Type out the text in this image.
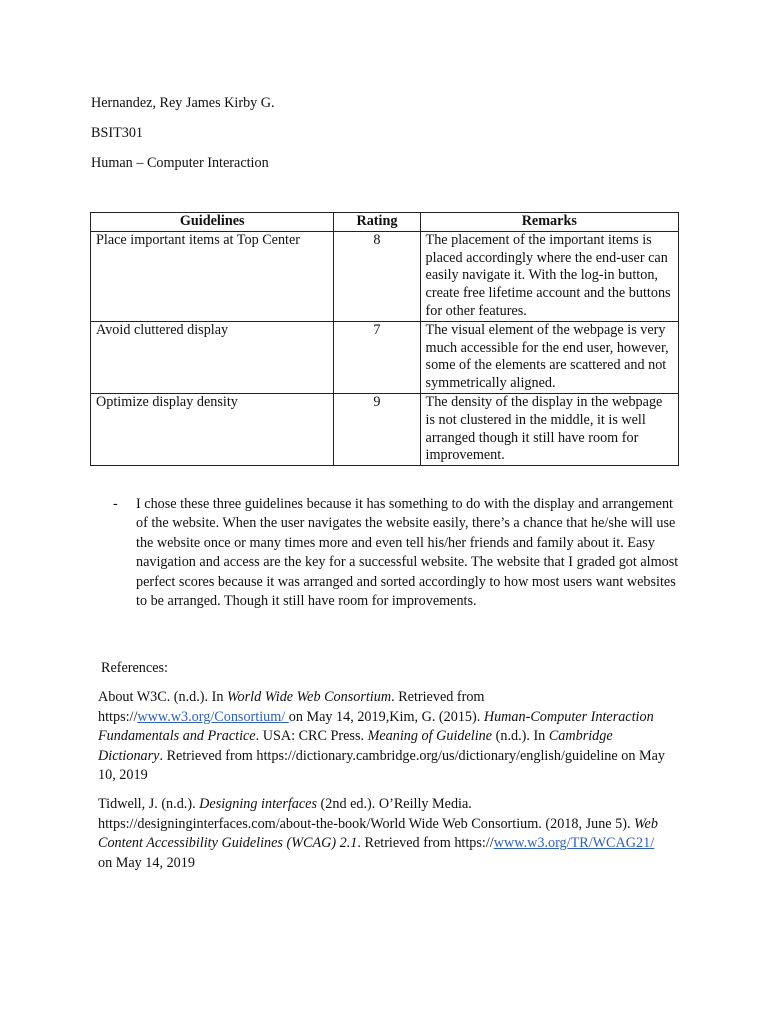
Hernandez, Rey James Kirby G.
BSIT301
Human – Computer Interaction
Guidelines	Rating	Remarks
Place important items at Top Center	8	The placement of the important items is placed accordingly where the end-user can easily navigate it. With the log-in button, create free lifetime account and the buttons for other features.
Avoid cluttered display	7	The visual element of the webpage is very much accessible for the end user, however, some of the elements are scattered and not symmetrically aligned.
Optimize display density	9	The density of the display in the webpage is not clustered in the middle, it is well arranged though it still have room for improvement.
- I chose these three guidelines because it has something to do with the display and arrangement of the website. When the user navigates the website easily, there’s a chance that he/she will use the website once or many times more and even tell his/her friends and family about it. Easy navigation and access are the key for a successful website. The website that I graded got almost perfect scores because it was arranged and sorted accordingly to how most users want websites to be arranged. Though it still have room for improvements.
References:
About W3C. (n.d.). In World Wide Web Consortium. Retrieved from https://www.w3.org/Consortium/ on May 14, 2019,Kim, G. (2015). Human-Computer Interaction Fundamentals and Practice. USA: CRC Press. Meaning of Guideline (n.d.). In Cambridge Dictionary. Retrieved from https://dictionary.cambridge.org/us/dictionary/english/guideline on May 10, 2019
Tidwell, J. (n.d.). Designing interfaces (2nd ed.). O’Reilly Media. https://designinginterfaces.com/about-the-book/World Wide Web Consortium. (2018, June 5). Web Content Accessibility Guidelines (WCAG) 2.1. Retrieved from https://www.w3.org/TR/WCAG21/ on May 14, 2019
